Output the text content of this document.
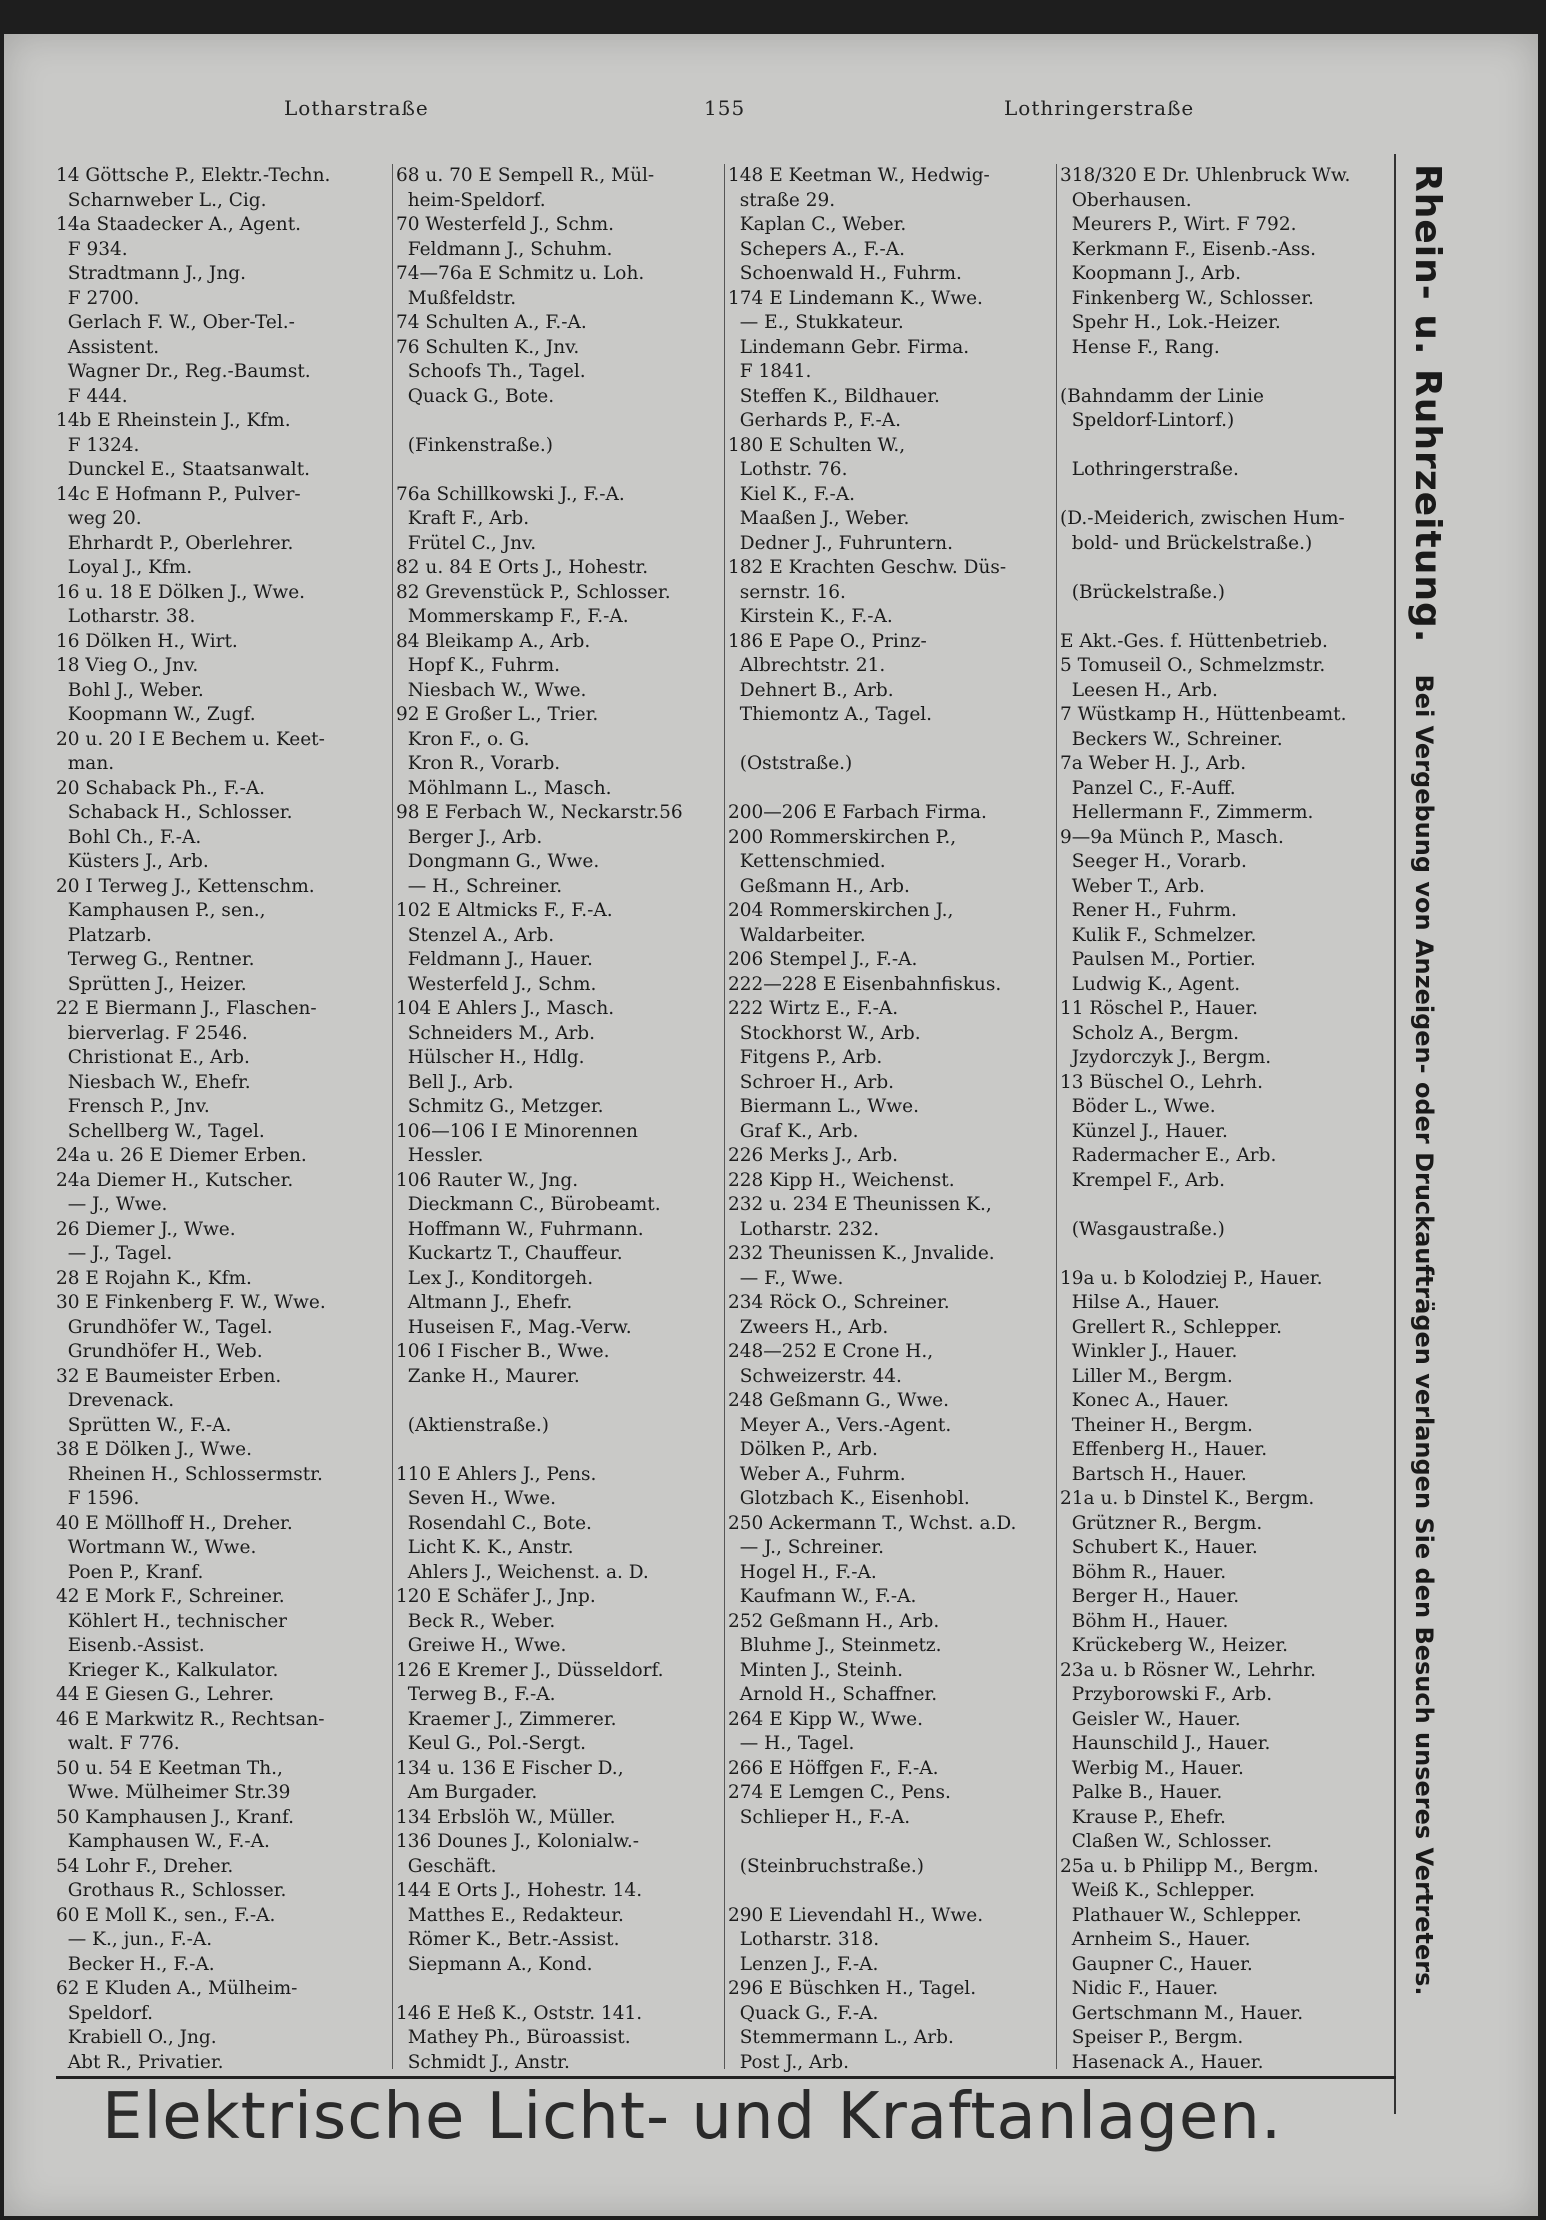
Lotharstraße	155	Lothringerstraße
14 Göttsche P., Elektr.-Techn.
Scharnweber L., Cig.
14a Staadecker A., Agent.
F 934.
Stradtmann J., Jng.
F 2700.
Gerlach F. W., Ober-Tel.-
Assistent.
Wagner Dr., Reg.-Baumst.
F 444.
14b E Rheinstein J., Kfm.
F 1324.
Dunckel E., Staatsanwalt.
14c E Hofmann P., Pulver-
weg 20.
Ehrhardt P., Oberlehrer.
Loyal J., Kfm.
16 u. 18 E Dölken J., Wwe.
Lotharstr. 38.
16 Dölken H., Wirt.
18 Vieg O., Jnv.
Bohl J., Weber.
Koopmann W., Zugf.
20 u. 20 I E Bechem u. Keet-
man.
20 Schaback Ph., F.-A.
Schaback H., Schlosser.
Bohl Ch., F.-A.
Küsters J., Arb.
20 I Terweg J., Kettenschm.
Kamphausen P., sen.,
Platzarb.
Terweg G., Rentner.
Sprütten J., Heizer.
22 E Biermann J., Flaschen-
bierverlag. F 2546.
Christionat E., Arb.
Niesbach W., Ehefr.
Frensch P., Jnv.
Schellberg W., Tagel.
24a u. 26 E Diemer Erben.
24a Diemer H., Kutscher.
— J., Wwe.
26 Diemer J., Wwe.
— J., Tagel.
28 E Rojahn K., Kfm.
30 E Finkenberg F. W., Wwe.
Grundhöfer W., Tagel.
Grundhöfer H., Web.
32 E Baumeister Erben.
Drevenack.
Sprütten W., F.-A.
38 E Dölken J., Wwe.
Rheinen H., Schlossermstr.
F 1596.
40 E Möllhoff H., Dreher.
Wortmann W., Wwe.
Poen P., Kranf.
42 E Mork F., Schreiner.
Köhlert H., technischer
Eisenb.-Assist.
Krieger K., Kalkulator.
44 E Giesen G., Lehrer.
46 E Markwitz R., Rechtsan-
walt. F 776.
50 u. 54 E Keetman Th.,
Wwe. Mülheimer Str.39
50 Kamphausen J., Kranf.
Kamphausen W., F.-A.
54 Lohr F., Dreher.
Grothaus R., Schlosser.
60 E Moll K., sen., F.-A.
— K., jun., F.-A.
Becker H., F.-A.
62 E Kluden A., Mülheim-
Speldorf.
Krabiell O., Jng.
Abt R., Privatier.
68 u. 70 E Sempell R., Mül-
heim-Speldorf.
70 Westerfeld J., Schm.
Feldmann J., Schuhm.
74—76a E Schmitz u. Loh.
Mußfeldstr.
74 Schulten A., F.-A.
76 Schulten K., Jnv.
Schoofs Th., Tagel.
Quack G., Bote.
(Finkenstraße.)
76a Schillkowski J., F.-A.
Kraft F., Arb.
Frütel C., Jnv.
82 u. 84 E Orts J., Hohestr.
82 Grevenstück P., Schlosser.
Mommerskamp F., F.-A.
84 Bleikamp A., Arb.
Hopf K., Fuhrm.
Niesbach W., Wwe.
92 E Großer L., Trier.
Kron F., o. G.
Kron R., Vorarb.
Möhlmann L., Masch.
98 E Ferbach W., Neckarstr.56
Berger J., Arb.
Dongmann G., Wwe.
— H., Schreiner.
102 E Altmicks F., F.-A.
Stenzel A., Arb.
Feldmann J., Hauer.
Westerfeld J., Schm.
104 E Ahlers J., Masch.
Schneiders M., Arb.
Hülscher H., Hdlg.
Bell J., Arb.
Schmitz G., Metzger.
106—106 I E Minorennen
Hessler.
106 Rauter W., Jng.
Dieckmann C., Bürobeamt.
Hoffmann W., Fuhrmann.
Kuckartz T., Chauffeur.
Lex J., Konditorgeh.
Altmann J., Ehefr.
Huseisen F., Mag.-Verw.
106 I Fischer B., Wwe.
Zanke H., Maurer.
(Aktienstraße.)
110 E Ahlers J., Pens.
Seven H., Wwe.
Rosendahl C., Bote.
Licht K. K., Anstr.
Ahlers J., Weichenst. a. D.
120 E Schäfer J., Jnp.
Beck R., Weber.
Greiwe H., Wwe.
126 E Kremer J., Düsseldorf.
Terweg B., F.-A.
Kraemer J., Zimmerer.
Keul G., Pol.-Sergt.
134 u. 136 E Fischer D.,
Am Burgader.
134 Erbslöh W., Müller.
136 Dounes J., Kolonialw.-
Geschäft.
144 E Orts J., Hohestr. 14.
Matthes E., Redakteur.
Römer K., Betr.-Assist.
Siepmann A., Kond.
146 E Heß K., Oststr. 141.
Mathey Ph., Büroassist.
Schmidt J., Anstr.
148 E Keetman W., Hedwig-
straße 29.
Kaplan C., Weber.
Schepers A., F.-A.
Schoenwald H., Fuhrm.
174 E Lindemann K., Wwe.
— E., Stukkateur.
Lindemann Gebr. Firma.
F 1841.
Steffen K., Bildhauer.
Gerhards P., F.-A.
180 E Schulten W.,
Lothstr. 76.
Kiel K., F.-A.
Maaßen J., Weber.
Dedner J., Fuhruntern.
182 E Krachten Geschw. Düs-
sernstr. 16.
Kirstein K., F.-A.
186 E Pape O., Prinz-
Albrechtstr. 21.
Dehnert B., Arb.
Thiemontz A., Tagel.
(Oststraße.)
200—206 E Farbach Firma.
200 Rommerskirchen P.,
Kettenschmied.
Geßmann H., Arb.
204 Rommerskirchen J.,
Waldarbeiter.
206 Stempel J., F.-A.
222—228 E Eisenbahnfiskus.
222 Wirtz E., F.-A.
Stockhorst W., Arb.
Fitgens P., Arb.
Schroer H., Arb.
Biermann L., Wwe.
Graf K., Arb.
226 Merks J., Arb.
228 Kipp H., Weichenst.
232 u. 234 E Theunissen K.,
Lotharstr. 232.
232 Theunissen K., Jnvalide.
— F., Wwe.
234 Röck O., Schreiner.
Zweers H., Arb.
248—252 E Crone H.,
Schweizerstr. 44.
248 Geßmann G., Wwe.
Meyer A., Vers.-Agent.
Dölken P., Arb.
Weber A., Fuhrm.
Glotzbach K., Eisenhobl.
250 Ackermann T., Wchst. a.D.
— J., Schreiner.
Hogel H., F.-A.
Kaufmann W., F.-A.
252 Geßmann H., Arb.
Bluhme J., Steinmetz.
Minten J., Steinh.
Arnold H., Schaffner.
264 E Kipp W., Wwe.
— H., Tagel.
266 E Höffgen F., F.-A.
274 E Lemgen C., Pens.
Schlieper H., F.-A.
(Steinbruchstraße.)
290 E Lievendahl H., Wwe.
Lotharstr. 318.
Lenzen J., F.-A.
296 E Büschken H., Tagel.
Quack G., F.-A.
Stemmermann L., Arb.
Post J., Arb.
318/320 E Dr. Uhlenbruck Ww.
Oberhausen.
Meurers P., Wirt. F 792.
Kerkmann F., Eisenb.-Ass.
Koopmann J., Arb.
Finkenberg W., Schlosser.
Spehr H., Lok.-Heizer.
Hense F., Rang.
(Bahndamm der Linie
Speldorf-Lintorf.)
Lothringerstraße.
(D.-Meiderich, zwischen Hum-
bold- und Brückelstraße.)
(Brückelstraße.)
E Akt.-Ges. f. Hüttenbetrieb.
5 Tomuseil O., Schmelzmstr.
Leesen H., Arb.
7 Wüstkamp H., Hüttenbeamt.
Beckers W., Schreiner.
7a Weber H. J., Arb.
Panzel C., F.-Auff.
Hellermann F., Zimmerm.
9—9a Münch P., Masch.
Seeger H., Vorarb.
Weber T., Arb.
Rener H., Fuhrm.
Kulik F., Schmelzer.
Paulsen M., Portier.
Ludwig K., Agent.
11 Röschel P., Hauer.
Scholz A., Bergm.
Jzydorczyk J., Bergm.
13 Büschel O., Lehrh.
Böder L., Wwe.
Künzel J., Hauer.
Radermacher E., Arb.
Krempel F., Arb.
(Wasgaustraße.)
19a u. b Kolodziej P., Hauer.
Hilse A., Hauer.
Grellert R., Schlepper.
Winkler J., Hauer.
Liller M., Bergm.
Konec A., Hauer.
Theiner H., Bergm.
Effenberg H., Hauer.
Bartsch H., Hauer.
21a u. b Dinstel K., Bergm.
Grützner R., Bergm.
Schubert K., Hauer.
Böhm R., Hauer.
Berger H., Hauer.
Böhm H., Hauer.
Krückeberg W., Heizer.
23a u. b Rösner W., Lehrhr.
Przyborowski F., Arb.
Geisler W., Hauer.
Haunschild J., Hauer.
Werbig M., Hauer.
Palke B., Hauer.
Krause P., Ehefr.
Claßen W., Schlosser.
25a u. b Philipp M., Bergm.
Weiß K., Schlepper.
Plathauer W., Schlepper.
Arnheim S., Hauer.
Gaupner C., Hauer.
Nidic F., Hauer.
Gertschmann M., Hauer.
Speiser P., Bergm.
Hasenack A., Hauer.
Rhein- u. Ruhrzeitung. Bei Vergebung von Anzeigen- oder Druckaufträgen verlangen Sie den Besuch unseres Vertreters.
Elektrische Licht- und Kraftanlagen.
